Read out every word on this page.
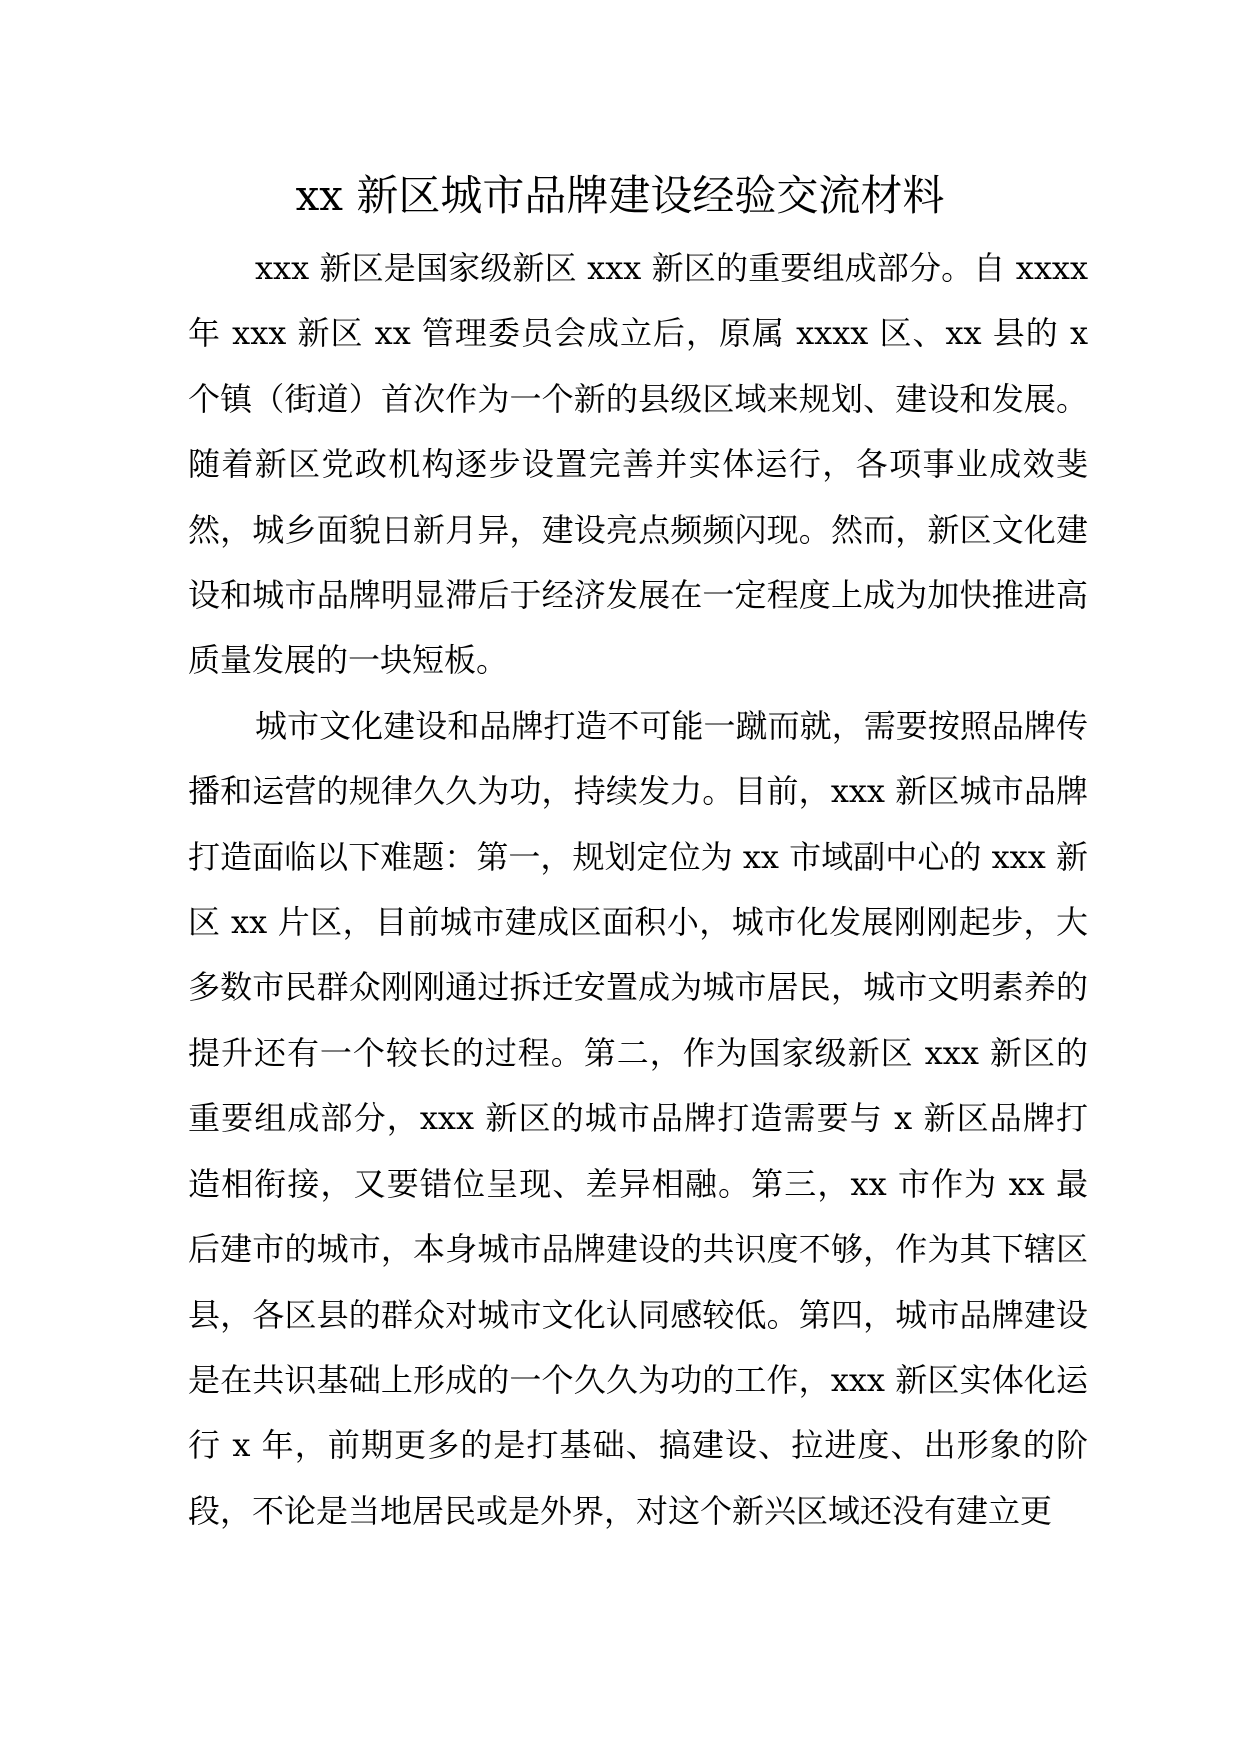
xx 新区城市品牌建设经验交流材料

xxx 新区是国家级新区 xxx 新区的重要组成部分。自 xxxx 年 xxx 新区 xx 管理委员会成立后，原属 xxxx 区、xx 县的 x 个镇（街道）首次作为一个新的县级区域来规划、建设和发展。随着新区党政机构逐步设置完善并实体运行，各项事业成效斐然，城乡面貌日新月异，建设亮点频频闪现。然而，新区文化建设和城市品牌明显滞后于经济发展在一定程度上成为加快推进高质量发展的一块短板。

城市文化建设和品牌打造不可能一蹴而就，需要按照品牌传播和运营的规律久久为功，持续发力。目前，xxx 新区城市品牌打造面临以下难题：第一，规划定位为 xx 市域副中心的 xxx 新区 xx 片区，目前城市建成区面积小，城市化发展刚刚起步，大多数市民群众刚刚通过拆迁安置成为城市居民，城市文明素养的提升还有一个较长的过程。第二，作为国家级新区 xxx 新区的重要组成部分，xxx 新区的城市品牌打造需要与 x 新区品牌打造相衔接，又要错位呈现、差异相融。第三，xx 市作为 xx 最后建市的城市，本身城市品牌建设的共识度不够，作为其下辖区县，各区县的群众对城市文化认同感较低。第四，城市品牌建设是在共识基础上形成的一个久久为功的工作，xxx 新区实体化运行 x 年，前期更多的是打基础、搞建设、拉进度、出形象的阶段，不论是当地居民或是外界，对这个新兴区域还没有建立更
